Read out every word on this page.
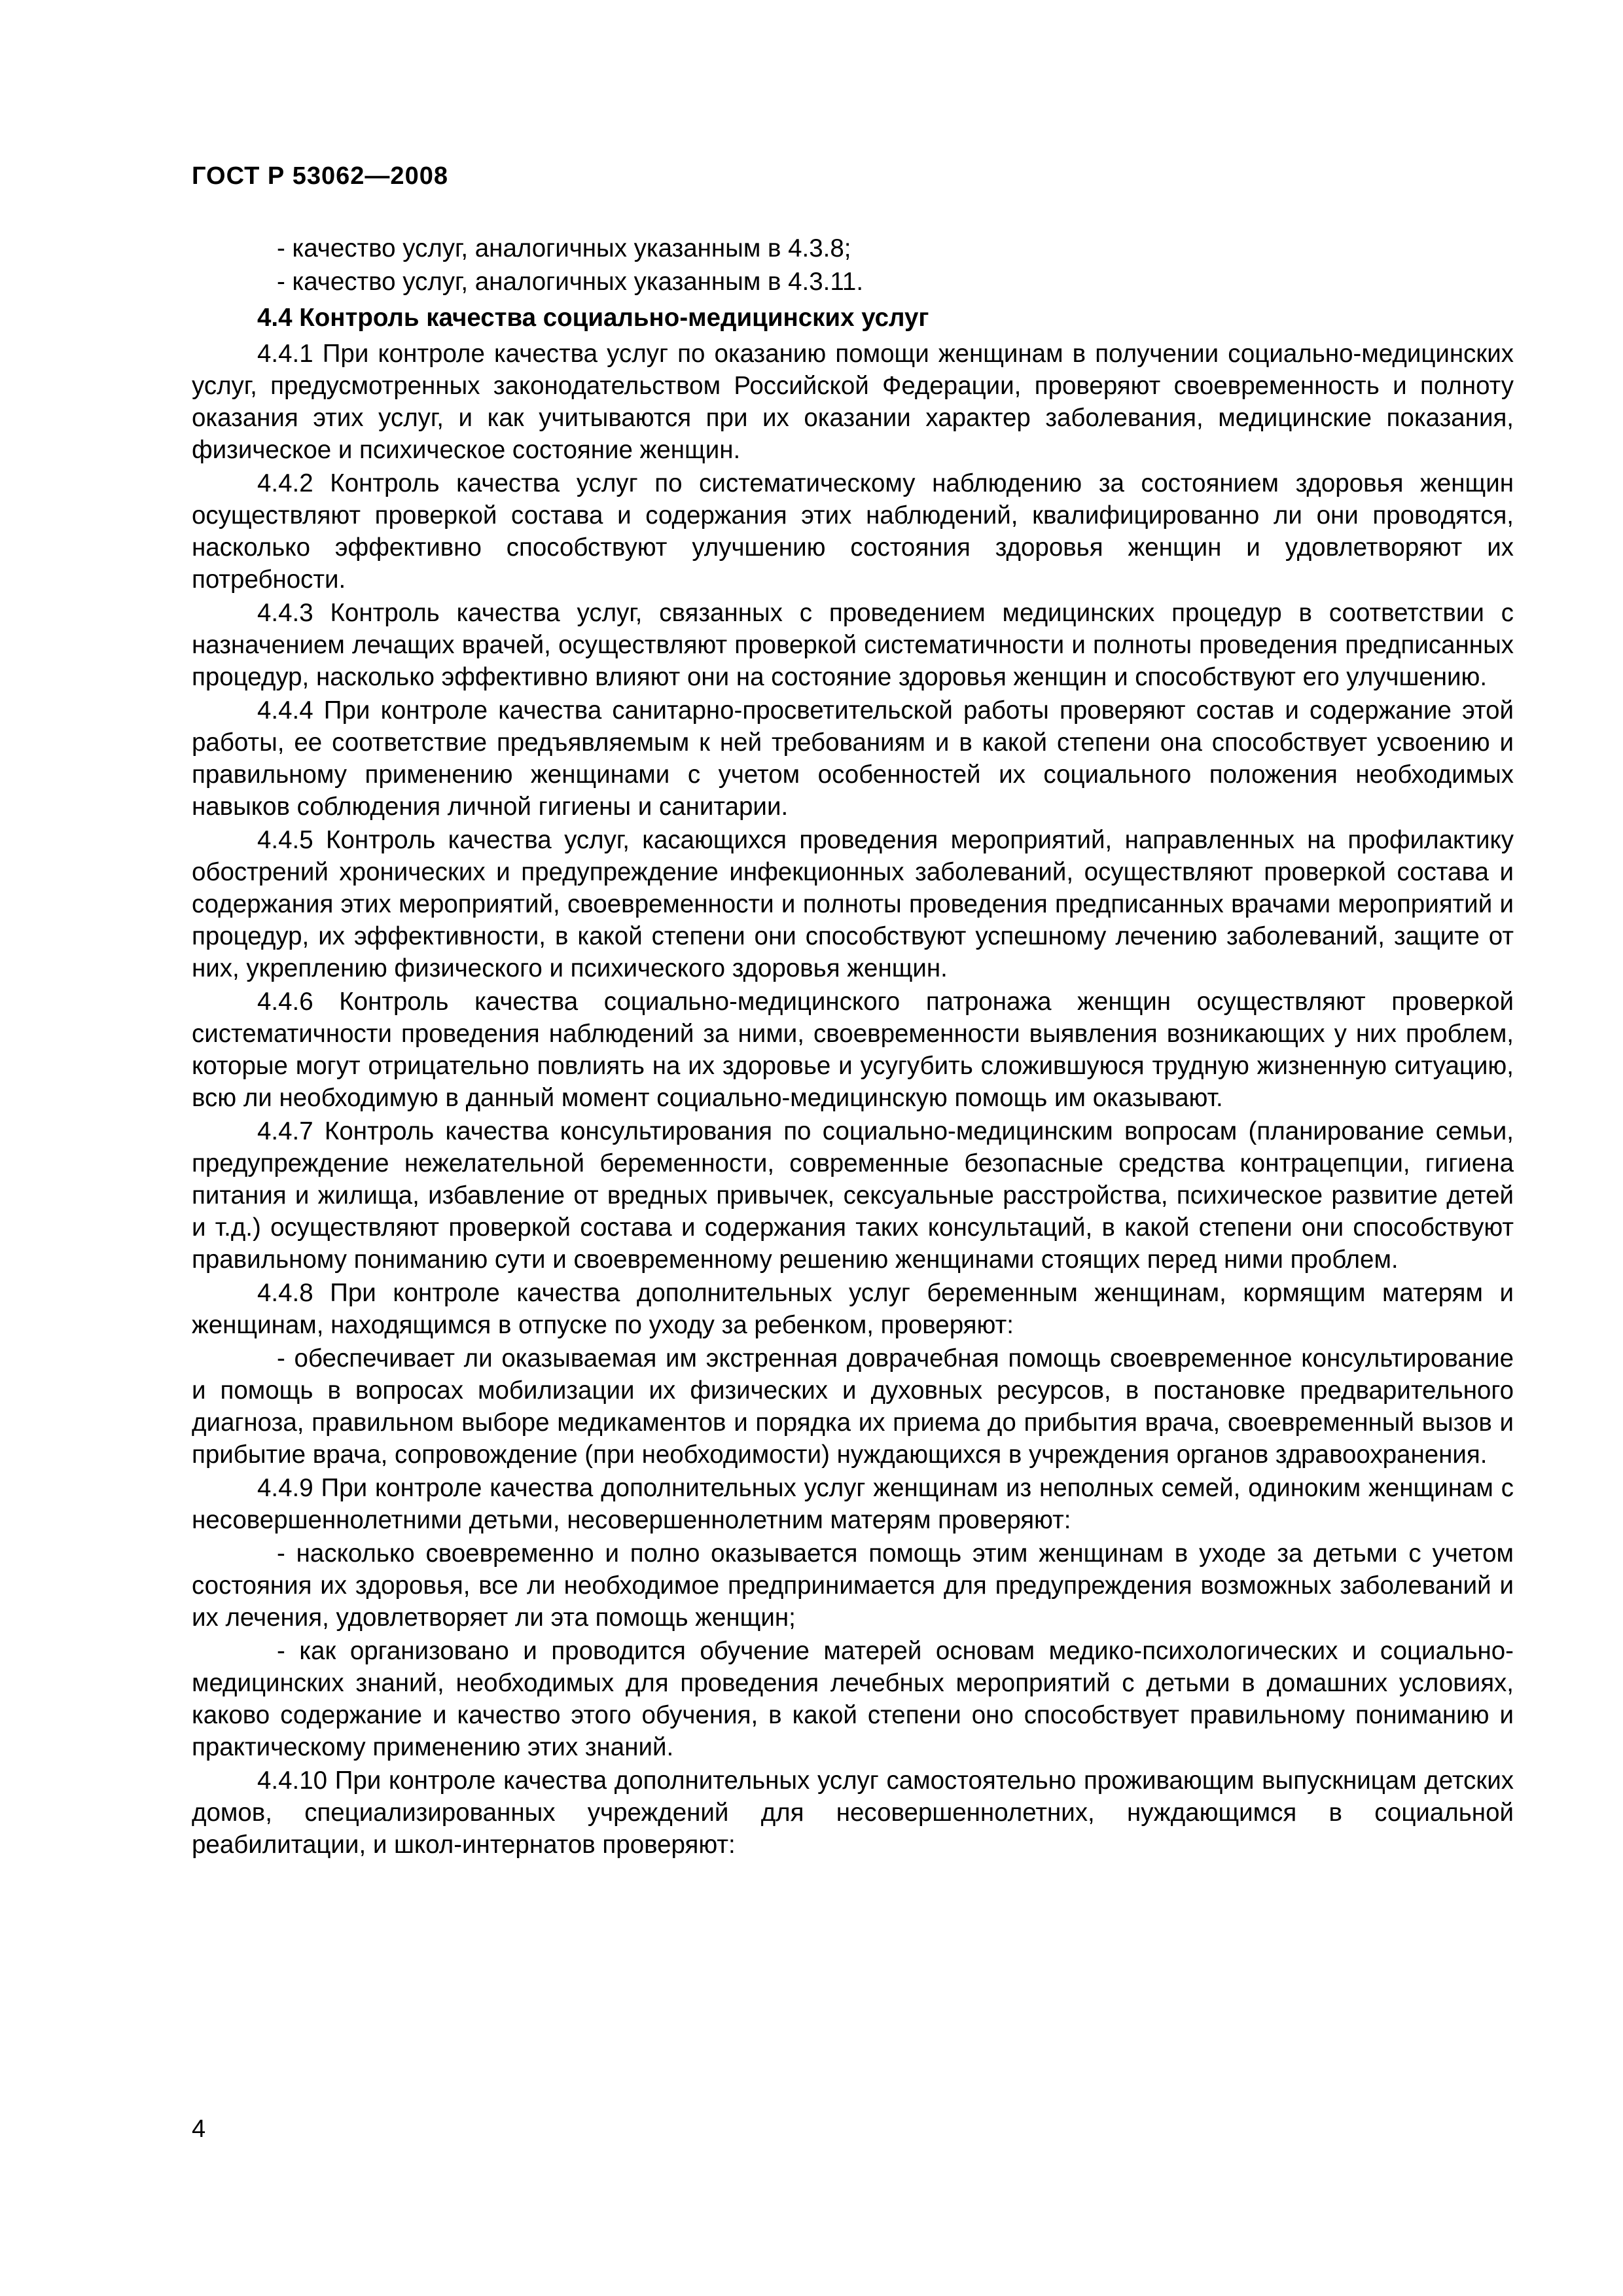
ГОСТ Р 53062—2008

- качество услуг, аналогичных указанным в 4.3.8;

- качество услуг, аналогичных указанным в 4.3.11.

4.4 Контроль качества социально-медицинских услуг

4.4.1 При контроле качества услуг по оказанию помощи женщинам в получении социально-медицинских услуг, предусмотренных законодательством Российской Федерации, проверяют своевременность и полноту оказания этих услуг, и как учитываются при их оказании характер заболевания, медицинские показания, физическое и психическое состояние женщин.

4.4.2 Контроль качества услуг по систематическому наблюдению за состоянием здоровья женщин осуществляют проверкой состава и содержания этих наблюдений, квалифицированно ли они проводятся, насколько эффективно способствуют улучшению состояния здоровья женщин и удовлетворяют их потребности.

4.4.3 Контроль качества услуг, связанных с проведением медицинских процедур в соответствии с назначением лечащих врачей, осуществляют проверкой систематичности и полноты проведения предписанных процедур, насколько эффективно влияют они на состояние здоровья женщин и способствуют его улучшению.

4.4.4 При контроле качества санитарно-просветительской работы проверяют состав и содержание этой работы, ее соответствие предъявляемым к ней требованиям и в какой степени она способствует усвоению и правильному применению женщинами с учетом особенностей их социального положения необходимых навыков соблюдения личной гигиены и санитарии.

4.4.5 Контроль качества услуг, касающихся проведения мероприятий, направленных на профилактику обострений хронических и предупреждение инфекционных заболеваний, осуществляют проверкой состава и содержания этих мероприятий, своевременности и полноты проведения предписанных врачами мероприятий и процедур, их эффективности, в какой степени они способствуют успешному лечению заболеваний, защите от них, укреплению физического и психического здоровья женщин.

4.4.6 Контроль качества социально-медицинского патронажа женщин осуществляют проверкой систематичности проведения наблюдений за ними, своевременности выявления возникающих у них проблем, которые могут отрицательно повлиять на их здоровье и усугубить сложившуюся трудную жизненную ситуацию, всю ли необходимую в данный момент социально-медицинскую помощь им оказывают.

4.4.7 Контроль качества консультирования по социально-медицинским вопросам (планирование семьи, предупреждение нежелательной беременности, современные безопасные средства контрацепции, гигиена питания и жилища, избавление от вредных привычек, сексуальные расстройства, психическое развитие детей и т.д.) осуществляют проверкой состава и содержания таких консультаций, в какой степени они способствуют правильному пониманию сути и своевременному решению женщинами стоящих перед ними проблем.

4.4.8 При контроле качества дополнительных услуг беременным женщинам, кормящим матерям и женщинам, находящимся в отпуске по уходу за ребенком, проверяют:

- обеспечивает ли оказываемая им экстренная доврачебная помощь своевременное консультирование и помощь в вопросах мобилизации их физических и духовных ресурсов, в постановке предварительного диагноза, правильном выборе медикаментов и порядка их приема до прибытия врача, своевременный вызов и прибытие врача, сопровождение (при необходимости) нуждающихся в учреждения органов здравоохранения.

4.4.9 При контроле качества дополнительных услуг женщинам из неполных семей, одиноким женщинам с несовершеннолетними детьми, несовершеннолетним матерям проверяют:

- насколько своевременно и полно оказывается помощь этим женщинам в уходе за детьми с учетом состояния их здоровья, все ли необходимое предпринимается для предупреждения возможных заболеваний и их лечения, удовлетворяет ли эта помощь женщин;

- как организовано и проводится обучение матерей основам медико-психологических и социально-медицинских знаний, необходимых для проведения лечебных мероприятий с детьми в домашних условиях, каково содержание и качество этого обучения, в какой степени оно способствует правильному пониманию и практическому применению этих знаний.

4.4.10 При контроле качества дополнительных услуг самостоятельно проживающим выпускницам детских домов, специализированных учреждений для несовершеннолетних, нуждающимся в социальной реабилитации, и школ-интернатов проверяют:

4
